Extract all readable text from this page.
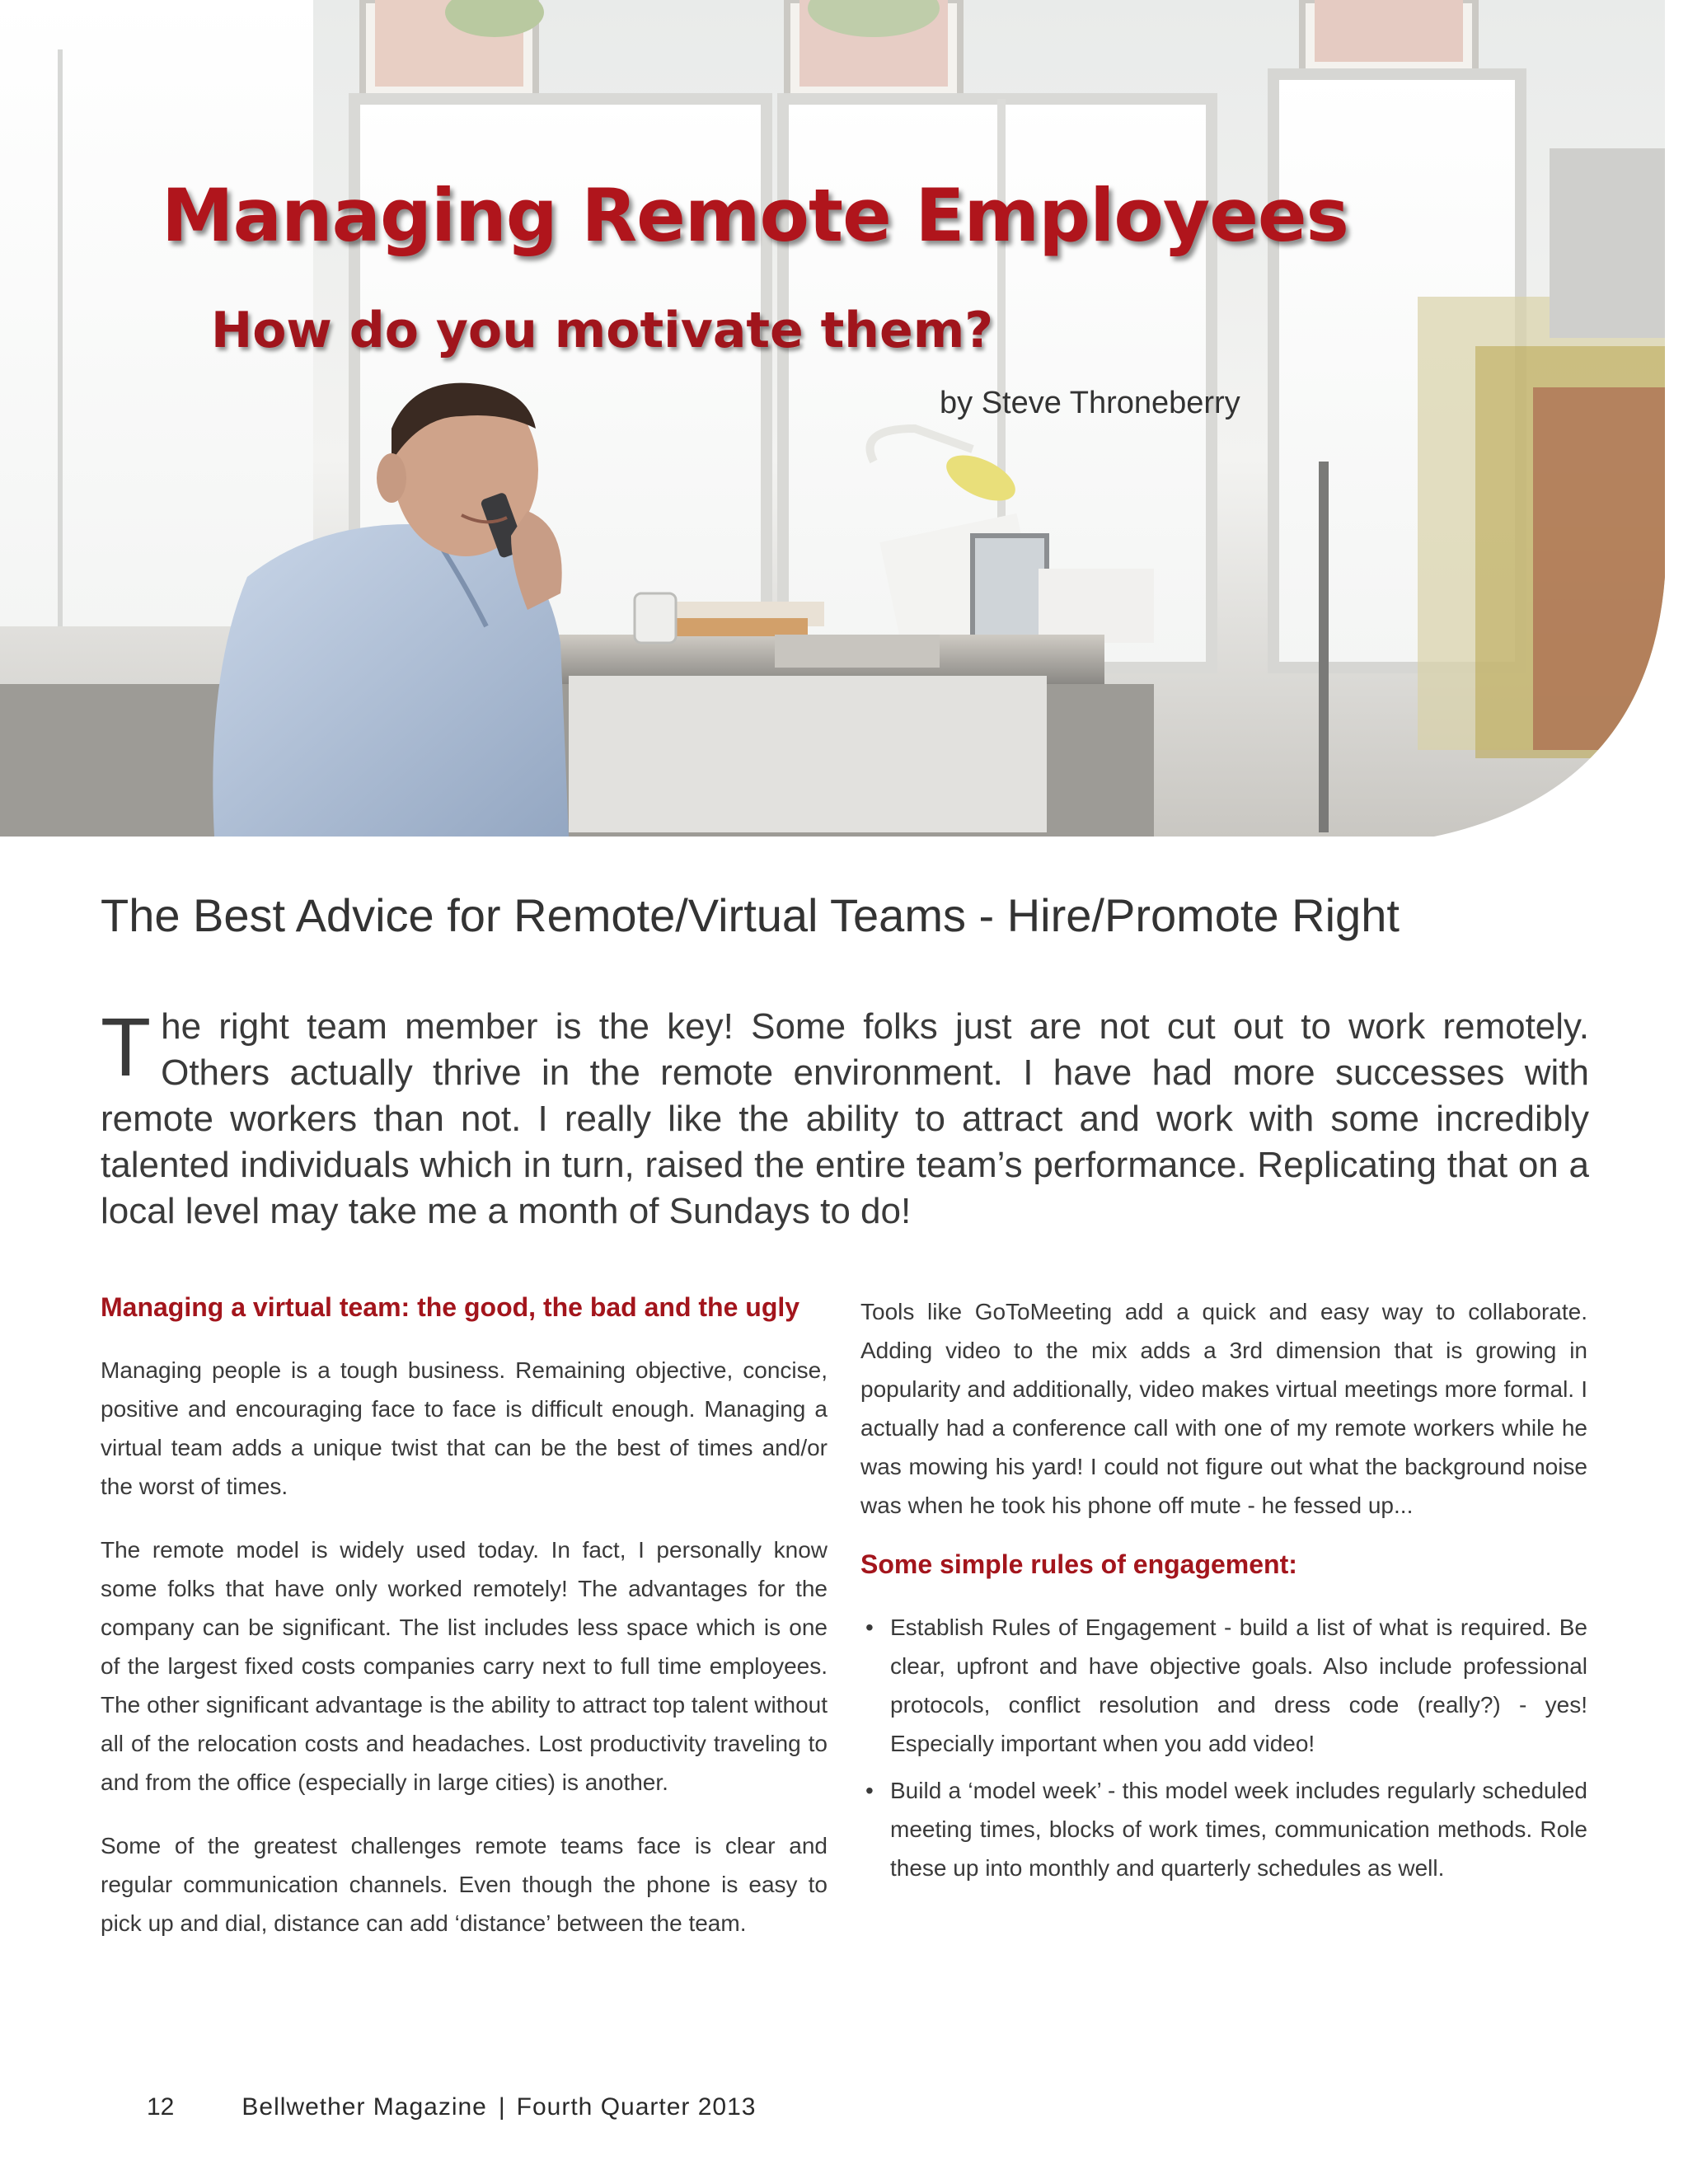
Managing Remote Employees
How do you motivate them?
by Steve Throneberry
The Best Advice for Remote/Virtual Teams - Hire/Promote Right

The right team member is the key! Some folks just are not cut out to work remotely. Others actually thrive in the remote environment. I have had more successes with remote workers than not. I really like the ability to attract and work with some incredibly talented individuals which in turn, raised the entire team’s performance. Replicating that on a local level may take me a month of Sundays to do!

Managing a virtual team: the good, the bad and the ugly

Managing people is a tough business. Remaining objective, concise, positive and encouraging face to face is difficult enough. Managing a virtual team adds a unique twist that can be the best of times and/or the worst of times.

The remote model is widely used today. In fact, I personally know some folks that have only worked remotely! The advantages for the company can be significant. The list includes less space which is one of the largest fixed costs companies carry next to full time employees. The other significant advantage is the ability to attract top talent without all of the relocation costs and headaches. Lost productivity traveling to and from the office (especially in large cities) is another.

Some of the greatest challenges remote teams face is clear and regular communication channels. Even though the phone is easy to pick up and dial, distance can add ‘distance’ between the team.

Tools like GoToMeeting add a quick and easy way to collaborate. Adding video to the mix adds a 3rd dimension that is growing in popularity and additionally, video makes virtual meetings more formal. I actually had a conference call with one of my remote workers while he was mowing his yard! I could not figure out what the background noise was when he took his phone off mute - he fessed up...

Some simple rules of engagement:
• Establish Rules of Engagement - build a list of what is required. Be clear, upfront and have objective goals. Also include professional protocols, conflict resolution and dress code (really?) - yes! Especially important when you add video!
• Build a ‘model week’ - this model week includes regularly scheduled meeting times, blocks of work times, communication methods. Role these up into monthly and quarterly schedules as well.
12	Bellwether Magazine | Fourth Quarter 2013
